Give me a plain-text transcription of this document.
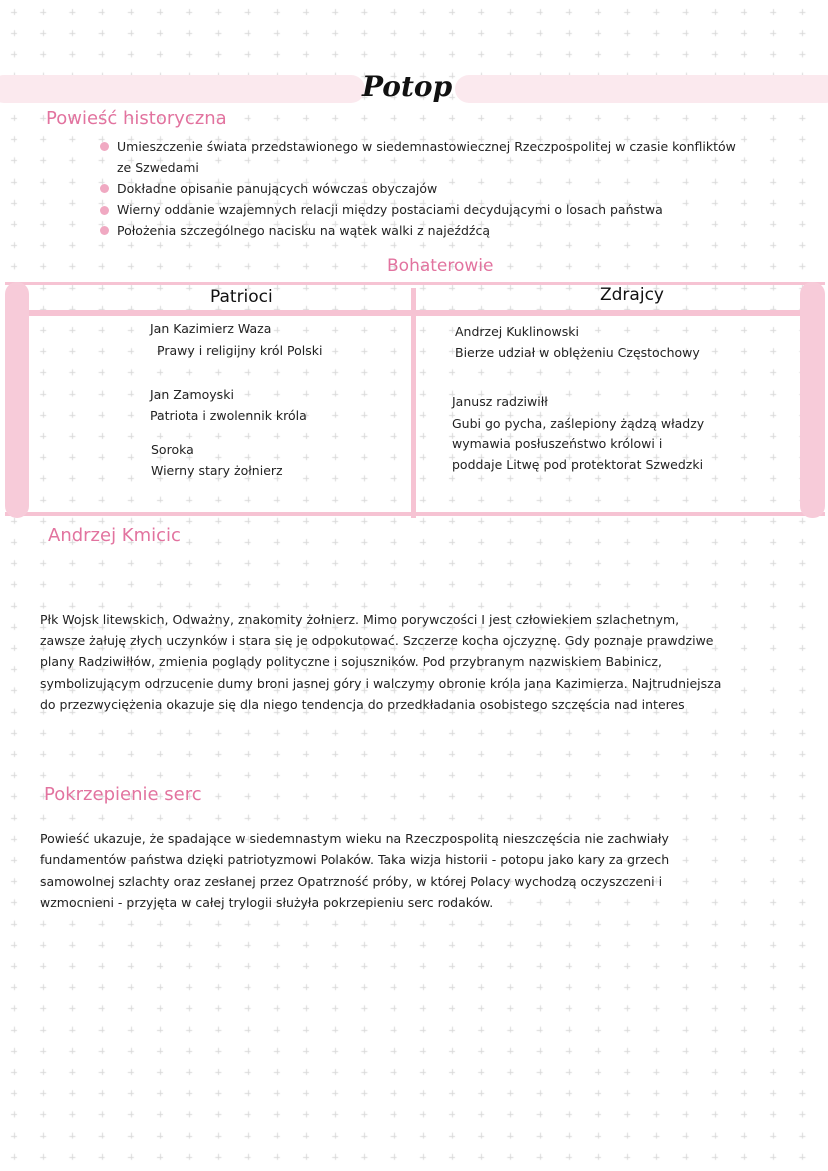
Potop
Powieść historyczna
Umieszczenie świata przedstawionego w siedemnastowiecznej Rzeczpospolitej w czasie konfliktów
ze Szwedami
Dokładne opisanie panujących wówczas obyczajów
Wierny oddanie wzajemnych relacji między postaciami decydującymi o losach państwa
Położenia szczególnego nacisku na wątek walki z najeźdźcą
Bohaterowie
Patrioci	Zdrajcy
Jan Kazimierz Waza
Prawy i religijny król Polski
Jan Zamoyski
Patriota i zwolennik króla
Soroka
Wierny stary żołnierz
Andrzej Kuklinowski
Bierze udział w oblężeniu Częstochowy
Janusz radziwiłł
Gubi go pycha, zaślepiony żądzą władzy
wymawia posłuszeństwo królowi i
poddaje Litwę pod protektorat Szwedzki
Andrzej Kmicic
Płk Wojsk litewskich, Odważny, znakomity żołnierz. Mimo porywczości I jest człowiekiem szlachetnym,
zawsze żałuję złych uczynków i stara się je odpokutować. Szczerze kocha ojczyznę. Gdy poznaje prawdziwe
plany Radziwiłłów, zmienia poglądy polityczne i sojuszników. Pod przybranym nazwiskiem Babinicz,
symbolizującym odrzucenie dumy broni jasnej góry i walczymy obronie króla jana Kazimierza. Najtrudniejsza
do przezwyciężenia okazuje się dla niego tendencja do przedkładania osobistego szczęścia nad interes
Pokrzepienie serc
Powieść ukazuje, że spadające w siedemnastym wieku na Rzeczpospolitą nieszczęścia nie zachwiały
fundamentów państwa dzięki patriotyzmowi Polaków. Taka wizja historii - potopu jako kary za grzech
samowolnej szlachty oraz zesłanej przez Opatrzność próby, w której Polacy wychodzą oczyszczeni i
wzmocnieni - przyjęta w całej trylogii służyła pokrzepieniu serc rodaków.
